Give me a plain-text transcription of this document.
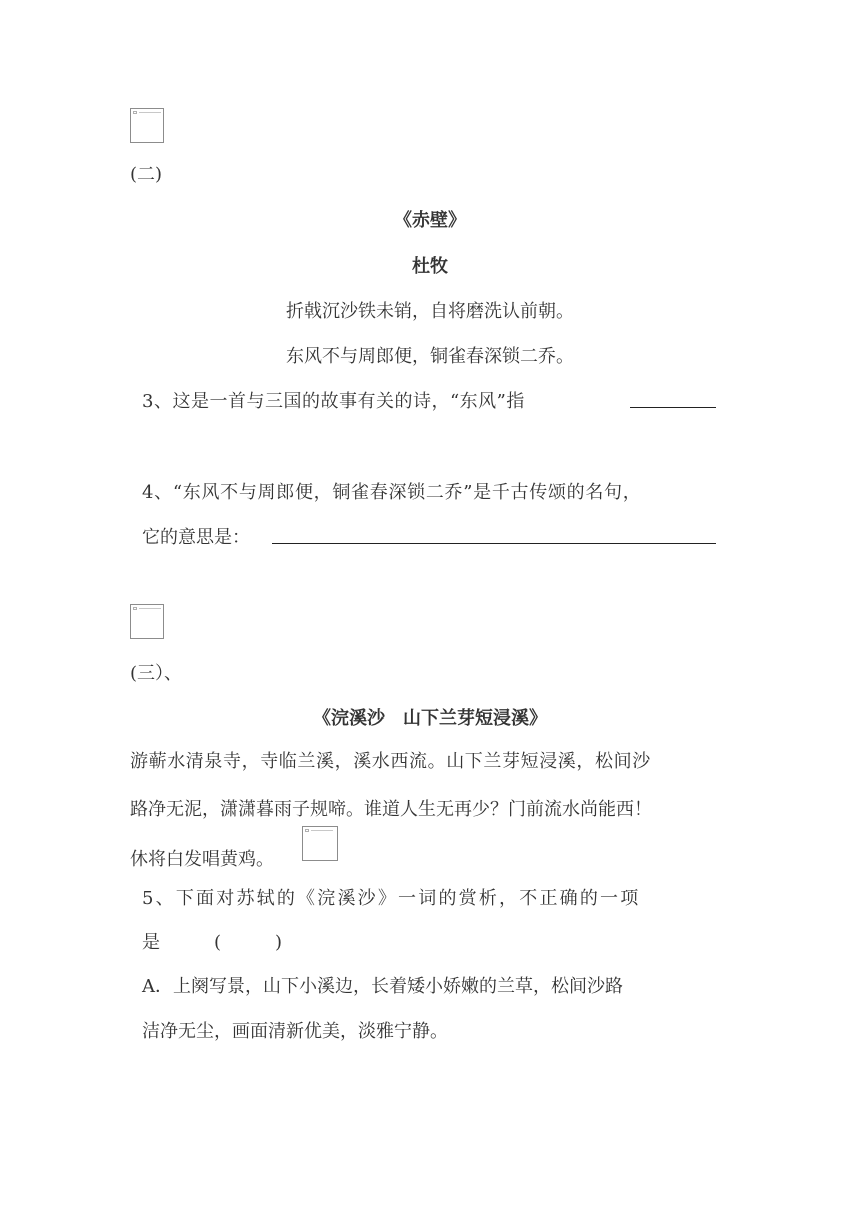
(二)
《赤壁》
杜牧
折戟沉沙铁未销，自将磨洗认前朝。
东风不与周郎便，铜雀春深锁二乔。
3、这是一首与三国的故事有关的诗，“东风”指
4、“东风不与周郎便，铜雀春深锁二乔”是千古传颂的名句，
它的意思是：
(三）、
《浣溪沙　山下兰芽短浸溪》
游蕲水清泉寺，寺临兰溪，溪水西流。山下兰芽短浸溪，松间沙
路净无泥，潇潇暮雨子规啼。谁道人生无再少？门前流水尚能西！
休将白发唱黄鸡。
5、下面对苏轼的《浣溪沙》一词的赏析，不正确的一项
是　　　(　　　)
A．上阕写景，山下小溪边，长着矮小娇嫩的兰草，松间沙路
洁净无尘，画面清新优美，淡雅宁静。
